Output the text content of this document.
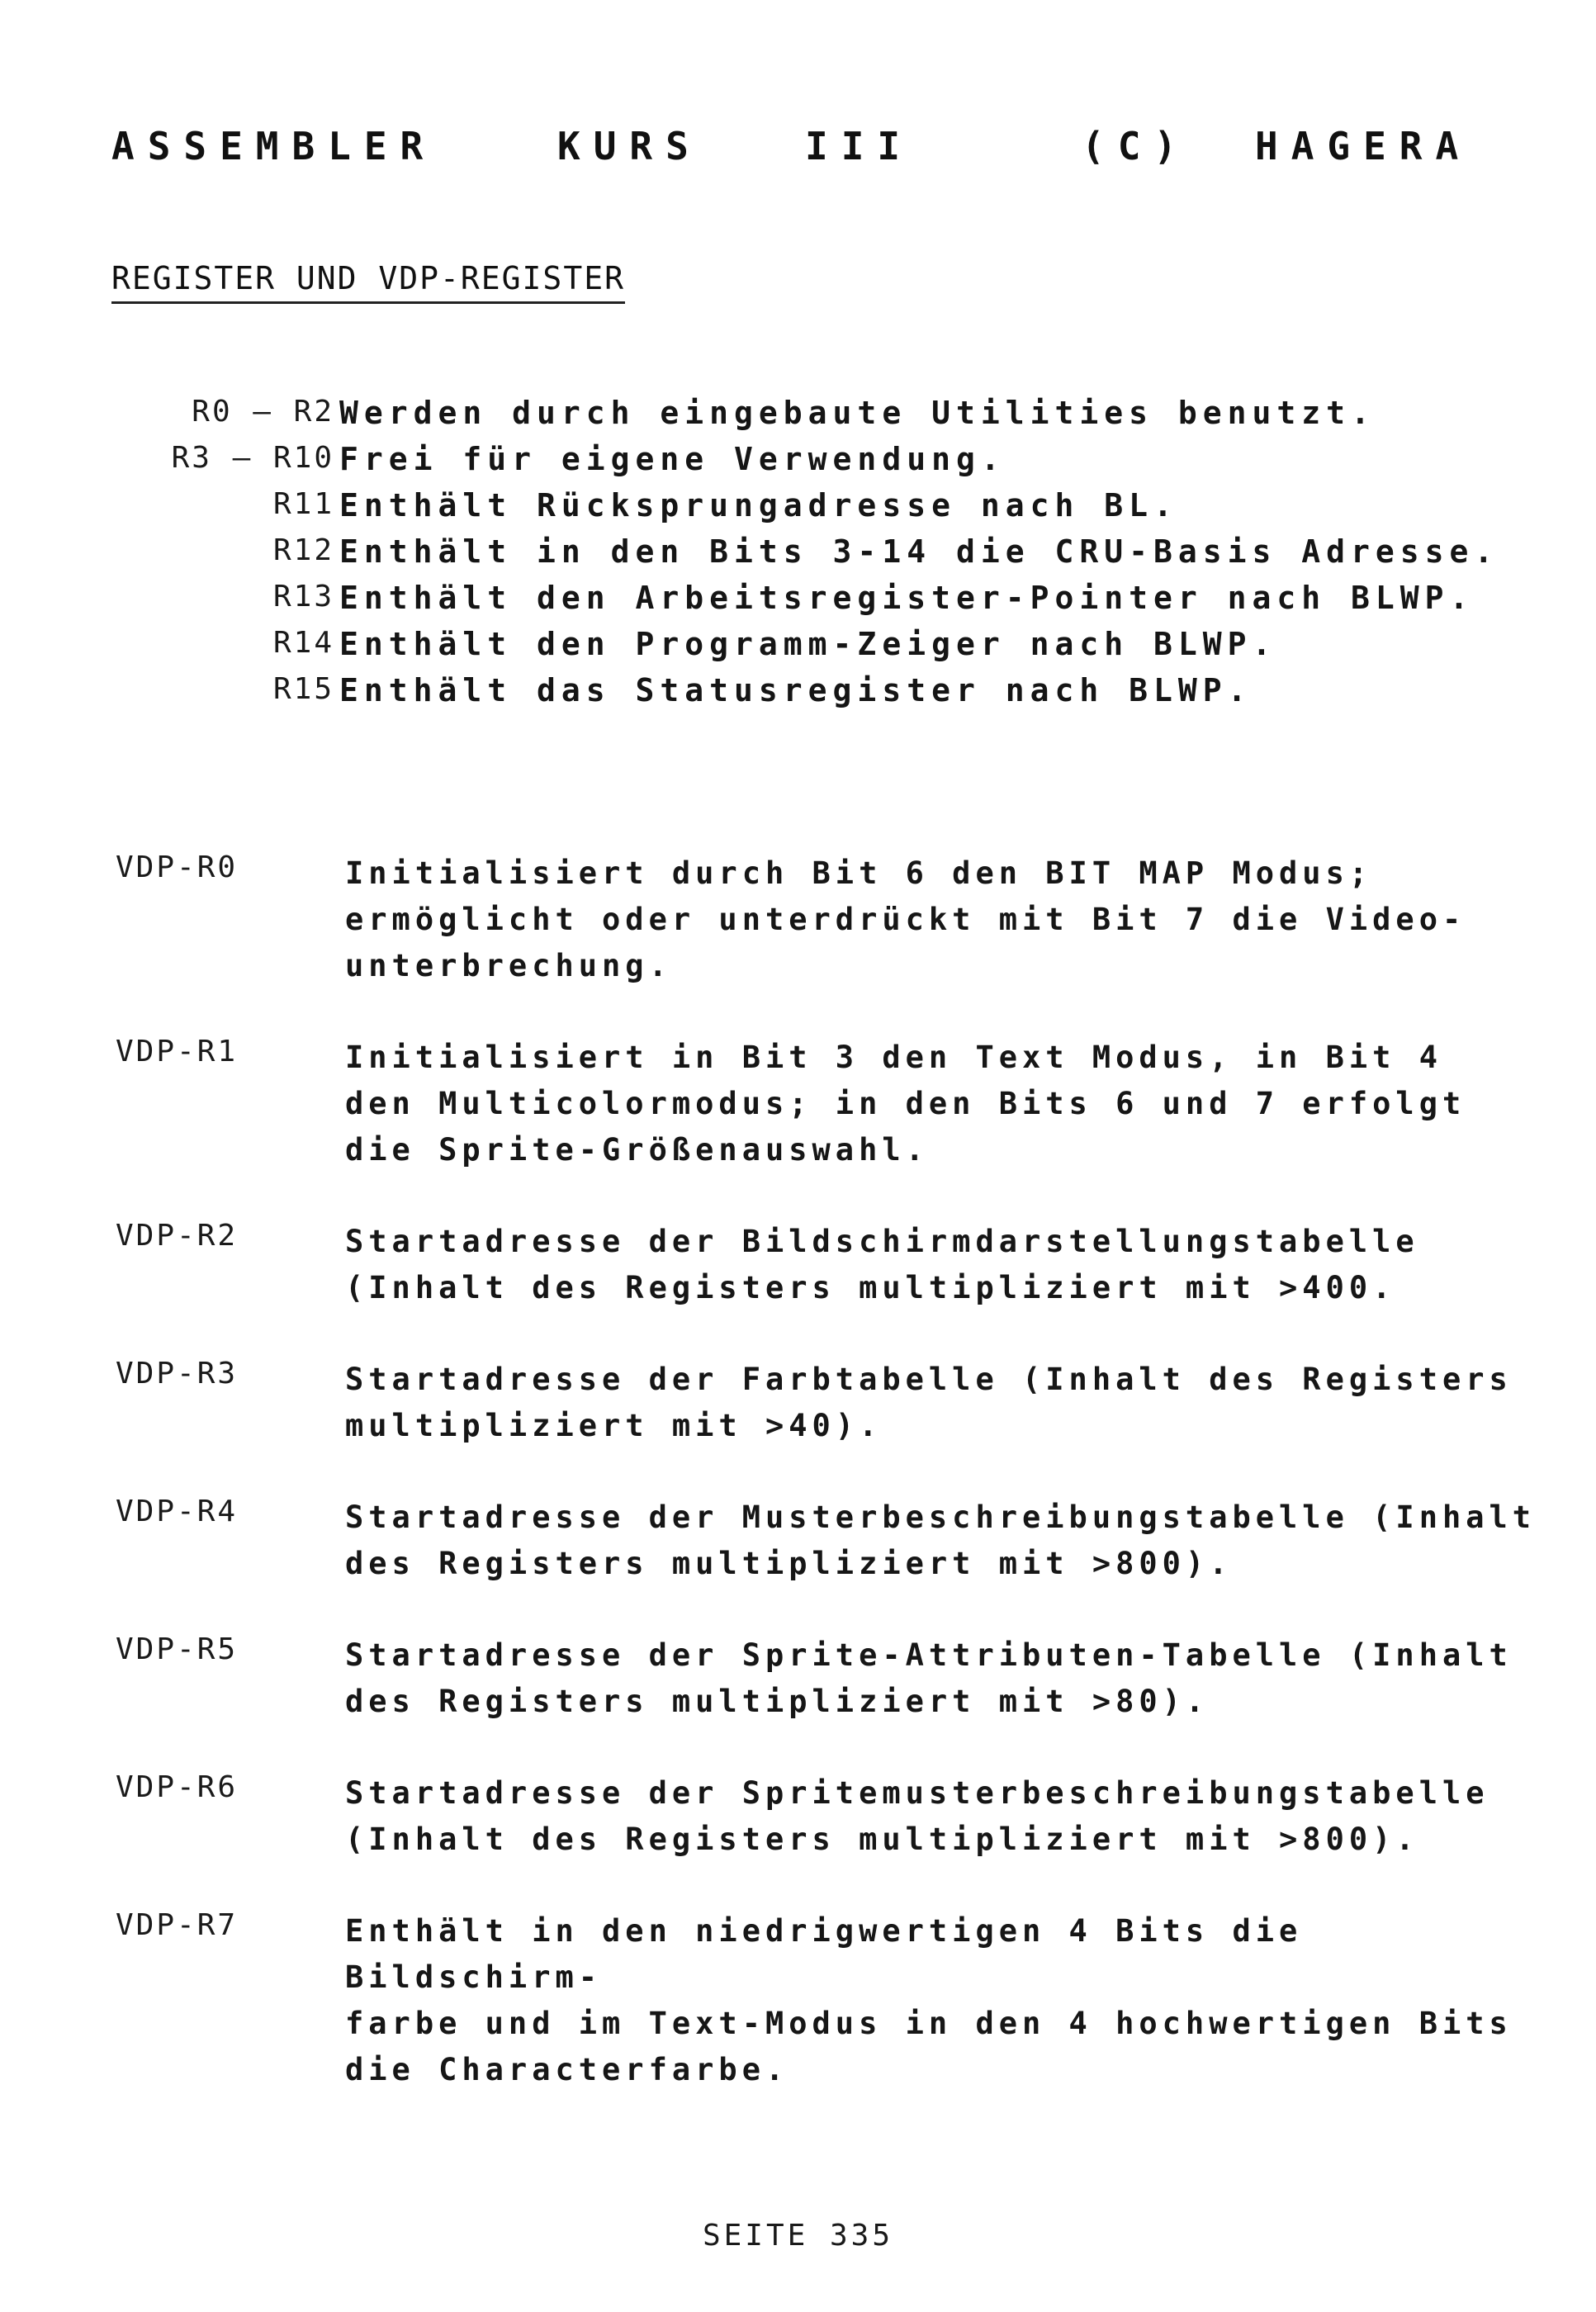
ASSEMBLER	KURS	III	(C) HAGERA
REGISTER UND VDP-REGISTER
R0 – R2 Werden durch eingebaute Utilities benutzt.
R3 – R10 Frei für eigene Verwendung.
R11 Enthält Rücksprungadresse nach BL.
R12 Enthält in den Bits 3-14 die CRU-Basis Adresse.
R13 Enthält den Arbeitsregister-Pointer nach BLWP.
R14 Enthält den Programm-Zeiger nach BLWP.
R15 Enthält das Statusregister nach BLWP.
VDP-R0	Initialisiert durch Bit 6 den BIT MAP Modus;
ermöglicht oder unterdrückt mit Bit 7 die Video-
unterbrechung.
VDP-R1	Initialisiert in Bit 3 den Text Modus, in Bit 4
den Multicolormodus; in den Bits 6 und 7 erfolgt
die Sprite-Größenauswahl.
VDP-R2	Startadresse der Bildschirmdarstellungstabelle
(Inhalt des Registers multipliziert mit >400.
VDP-R3	Startadresse der Farbtabelle (Inhalt des Registers
multipliziert mit >40).
VDP-R4	Startadresse der Musterbeschreibungstabelle (Inhalt
des Registers multipliziert mit >800).
VDP-R5	Startadresse der Sprite-Attributen-Tabelle (Inhalt
des Registers multipliziert mit >80).
VDP-R6	Startadresse der Spritemusterbeschreibungstabelle
(Inhalt des Registers multipliziert mit >800).
VDP-R7	Enthält in den niedrigwertigen 4 Bits die Bildschirm-
farbe und im Text-Modus in den 4 hochwertigen Bits
die Characterfarbe.
SEITE 335
